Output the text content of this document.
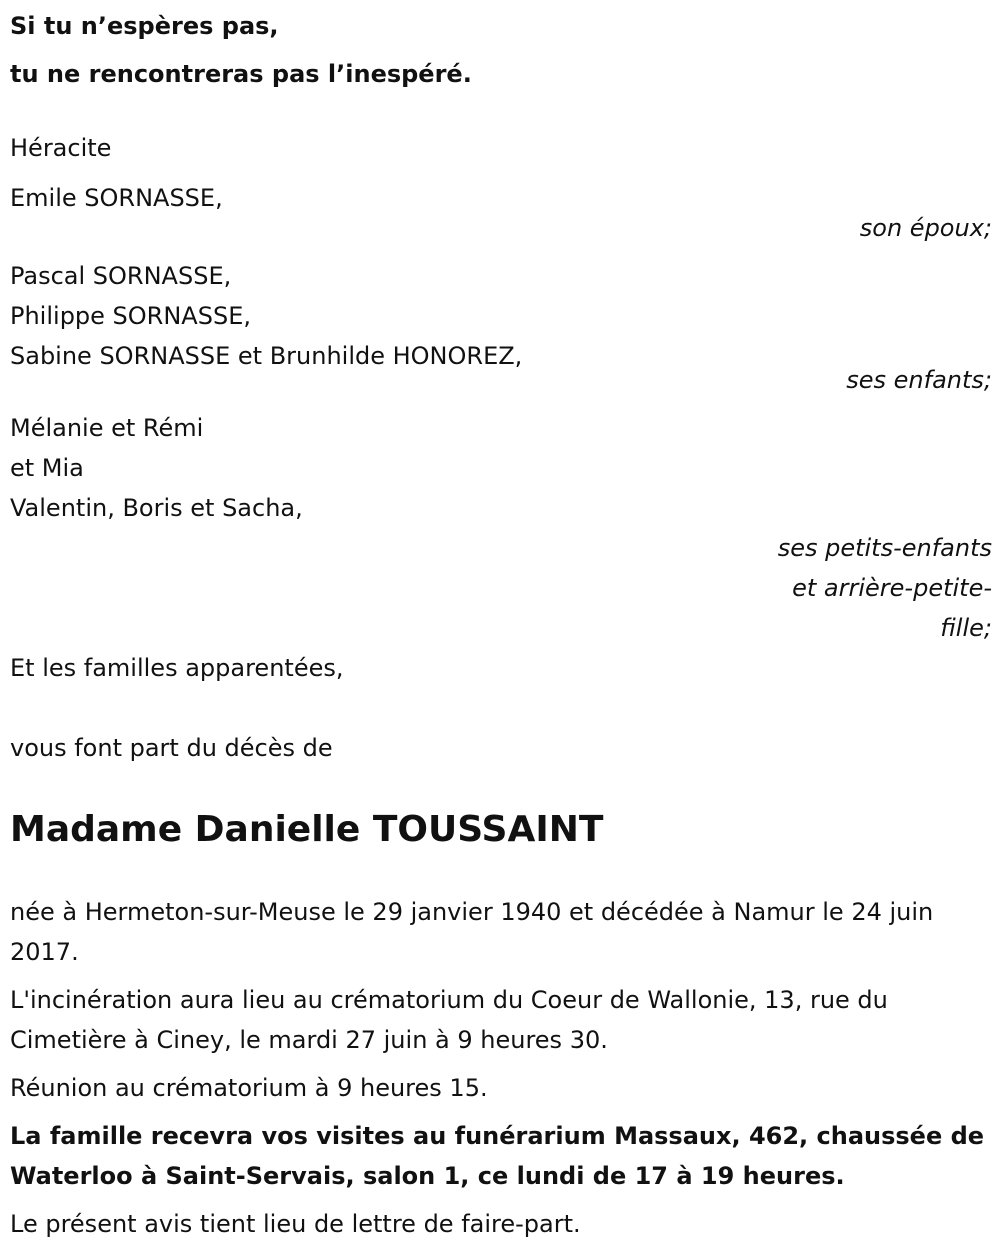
Si tu n’espères pas,
tu ne rencontreras pas l’inespéré.
Héracite
Emile SORNASSE,
son époux;
Pascal SORNASSE,
Philippe SORNASSE,
Sabine SORNASSE et Brunhilde HONOREZ,
ses enfants;
Mélanie et Rémi
et Mia
Valentin, Boris et Sacha,
ses petits-enfants
et arrière-petite-
fille;
Et les familles apparentées,
vous font part du décès de
Madame Danielle TOUSSAINT

née à Hermeton-sur-Meuse le 29 janvier 1940 et décédée à Namur le 24 juin 2017.

L'incinération aura lieu au crématorium du Coeur de Wallonie, 13, rue du Cimetière à Ciney, le mardi 27 juin à 9 heures 30.

Réunion au crématorium à 9 heures 15.

La famille recevra vos visites au funérarium Massaux, 462, chaussée de Waterloo à Saint-Servais, salon 1, ce lundi de 17 à 19 heures.

Le présent avis tient lieu de lettre de faire-part.
